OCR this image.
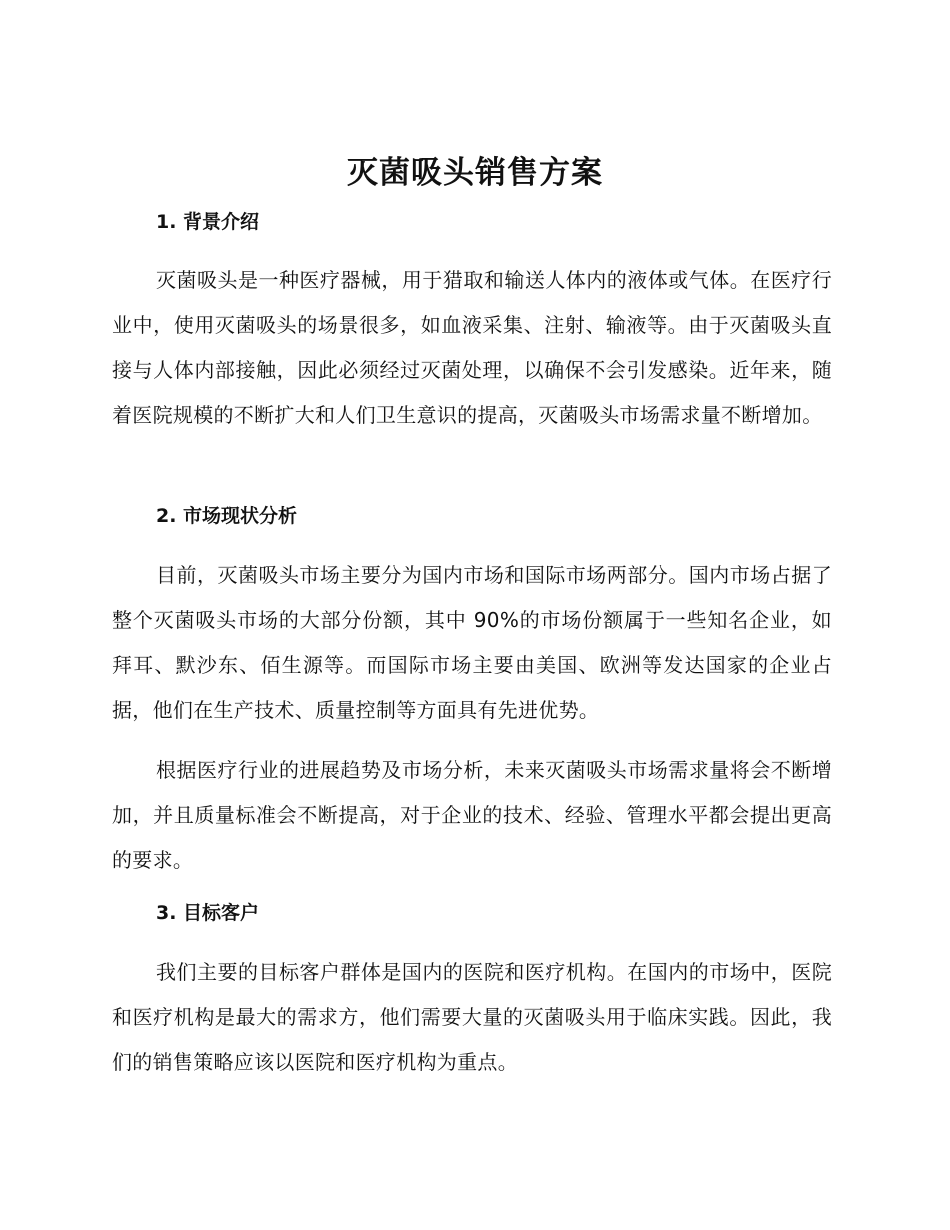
灭菌吸头销售方案
1. 背景介绍

灭菌吸头是一种医疗器械，用于猎取和输送人体内的液体或气体。在医疗行业中，使用灭菌吸头的场景很多，如血液采集、注射、输液等。由于灭菌吸头直接与人体内部接触，因此必须经过灭菌处理，以确保不会引发感染。近年来，随着医院规模的不断扩大和人们卫生意识的提高，灭菌吸头市场需求量不断增加。

2. 市场现状分析

目前，灭菌吸头市场主要分为国内市场和国际市场两部分。国内市场占据了整个灭菌吸头市场的大部分份额，其中 90%的市场份额属于一些知名企业，如拜耳、默沙东、佰生源等。而国际市场主要由美国、欧洲等发达国家的企业占据，他们在生产技术、质量控制等方面具有先进优势。

根据医疗行业的进展趋势及市场分析，未来灭菌吸头市场需求量将会不断增加，并且质量标准会不断提高，对于企业的技术、经验、管理水平都会提出更高的要求。

3. 目标客户

我们主要的目标客户群体是国内的医院和医疗机构。在国内的市场中，医院和医疗机构是最大的需求方，他们需要大量的灭菌吸头用于临床实践。因此，我们的销售策略应该以医院和医疗机构为重点。
